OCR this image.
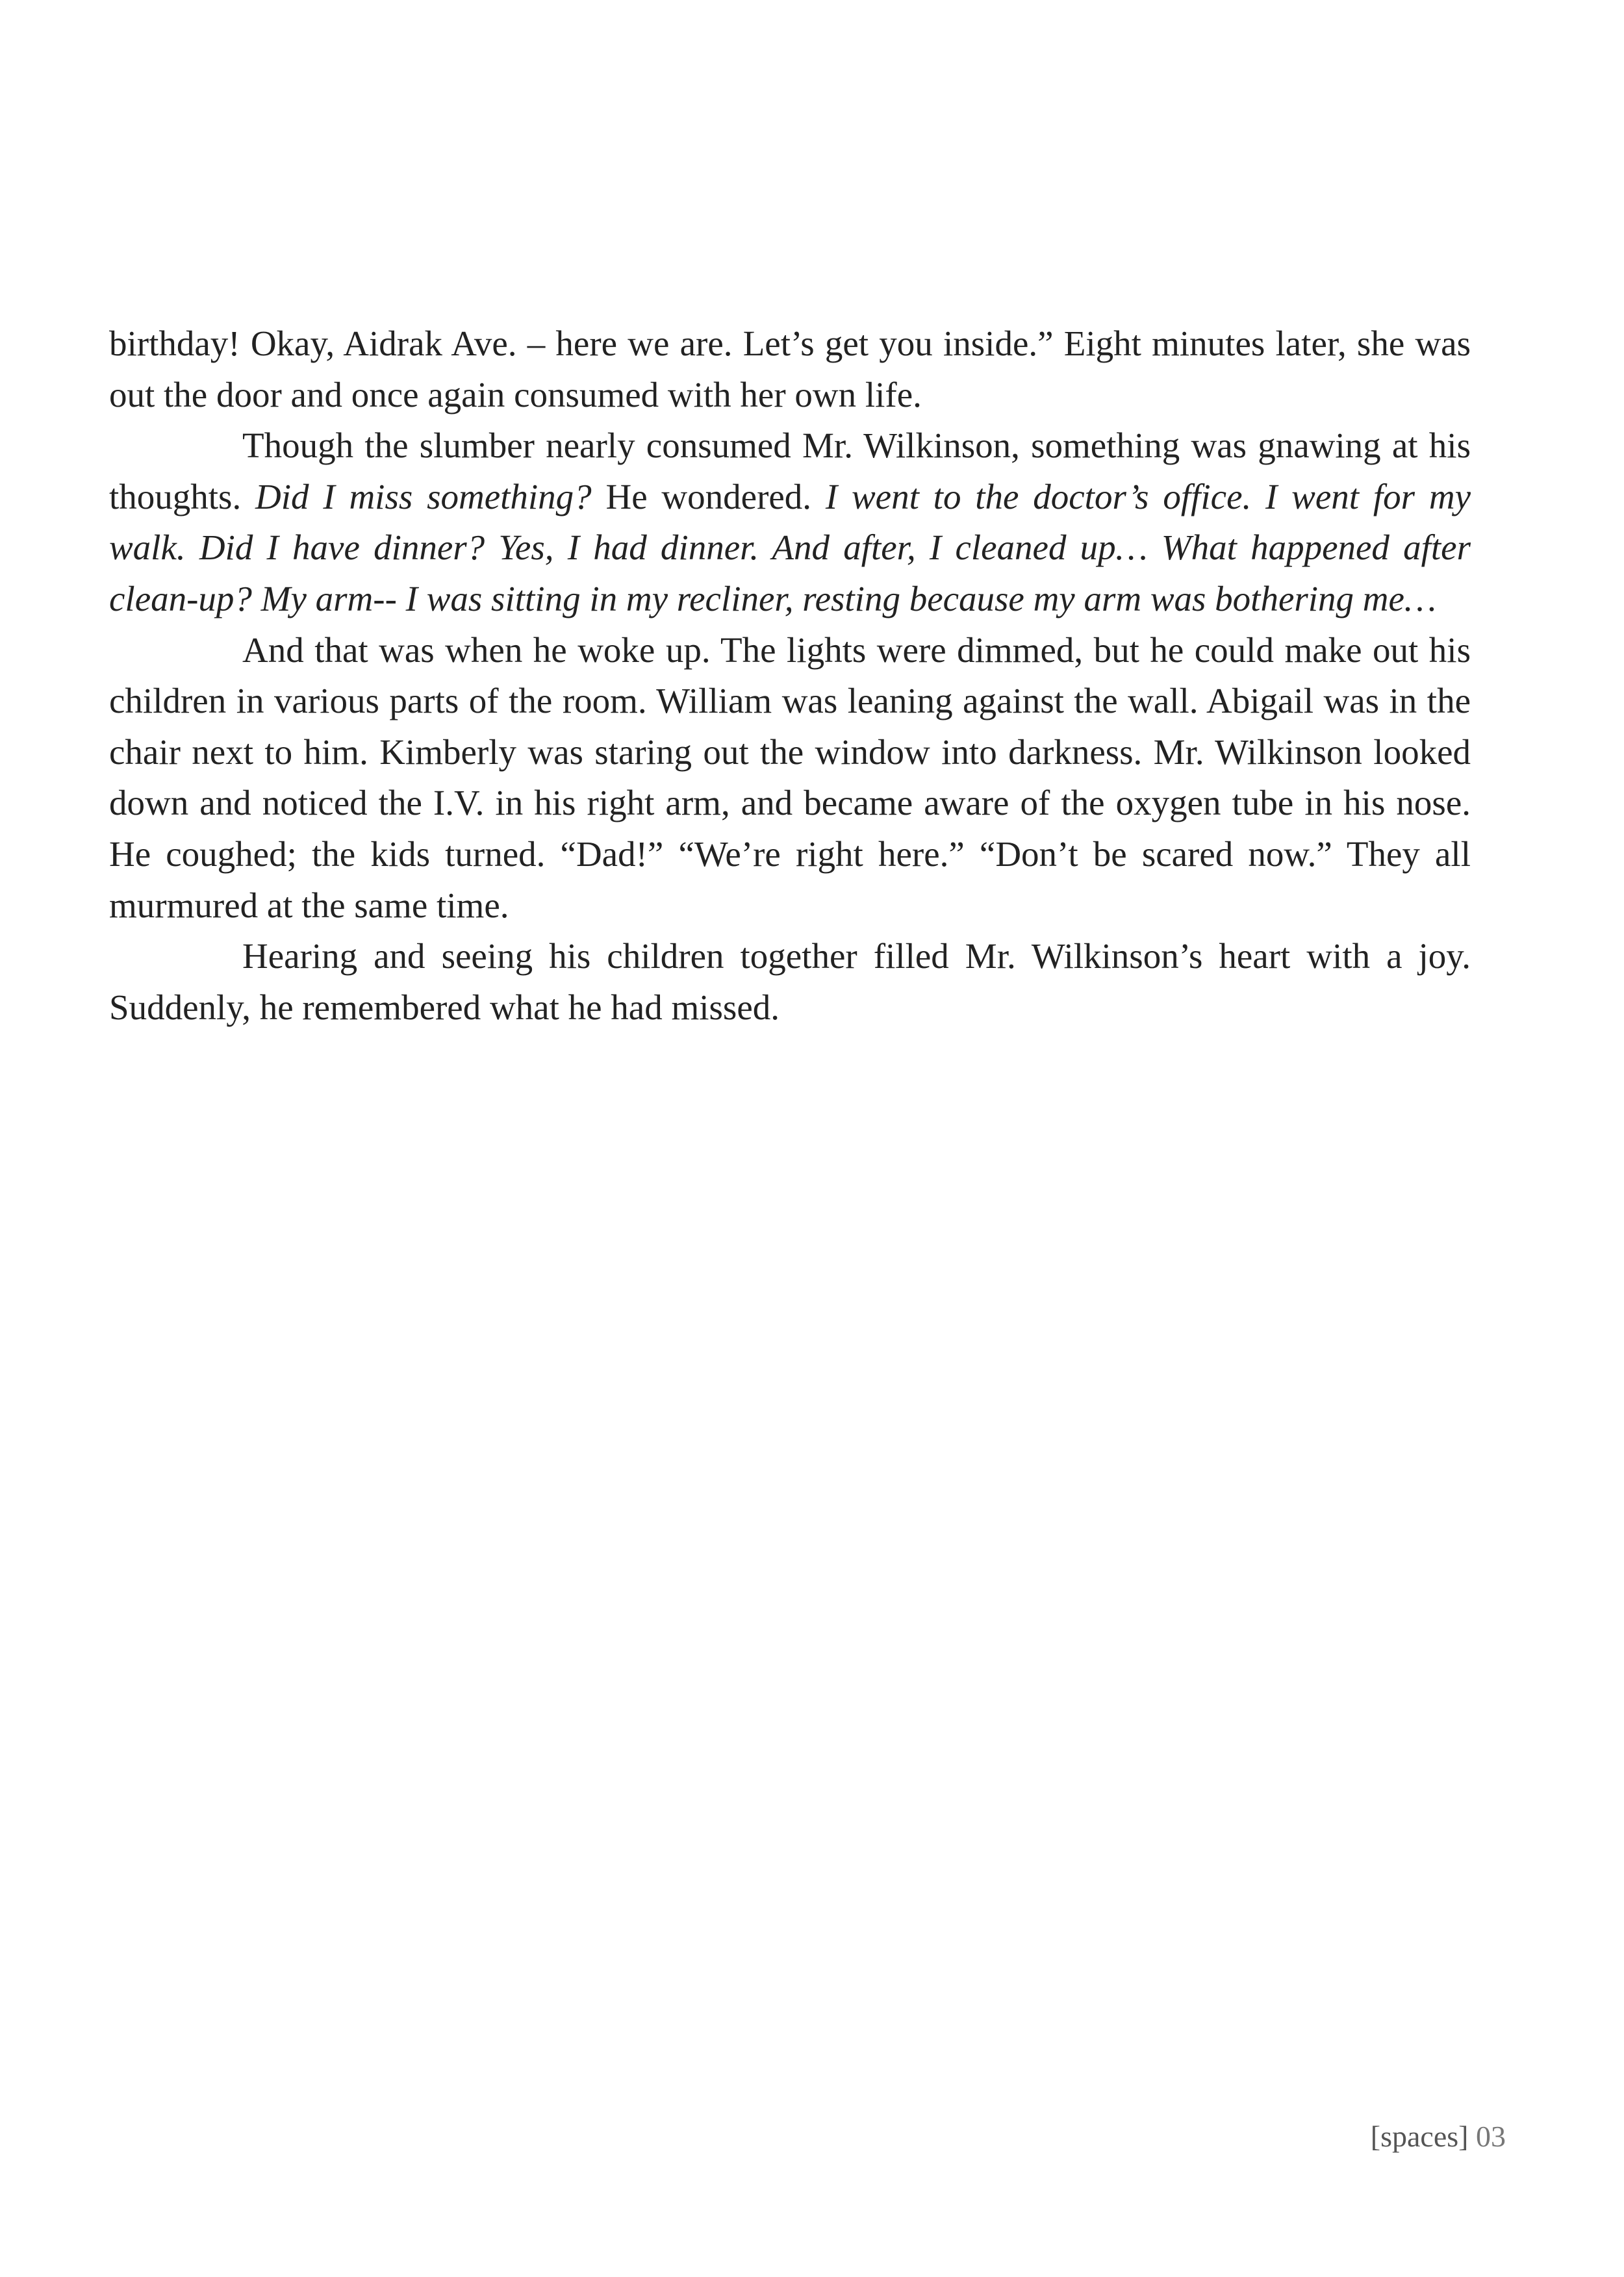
birthday! Okay, Aidrak Ave. – here we are. Let’s get you inside.” Eight minutes later, she was out the door and once again consumed with her own life.

Though the slumber nearly consumed Mr. Wilkinson, something was gnawing at his thoughts. Did I miss something? He wondered. I went to the doctor’s office. I went for my walk. Did I have dinner? Yes, I had dinner. And after, I cleaned up… What happened after clean-up? My arm-- I was sitting in my recliner, resting because my arm was bothering me…

And that was when he woke up. The lights were dimmed, but he could make out his children in various parts of the room. William was leaning against the wall. Abigail was in the chair next to him. Kimberly was staring out the window into darkness. Mr. Wilkinson looked down and noticed the I.V. in his right arm, and became aware of the oxygen tube in his nose. He coughed; the kids turned. “Dad!” “We’re right here.” “Don’t be scared now.” They all murmured at the same time.

Hearing and seeing his children together filled Mr. Wilkinson’s heart with a joy. Suddenly, he remembered what he had missed.

[spaces] 03
